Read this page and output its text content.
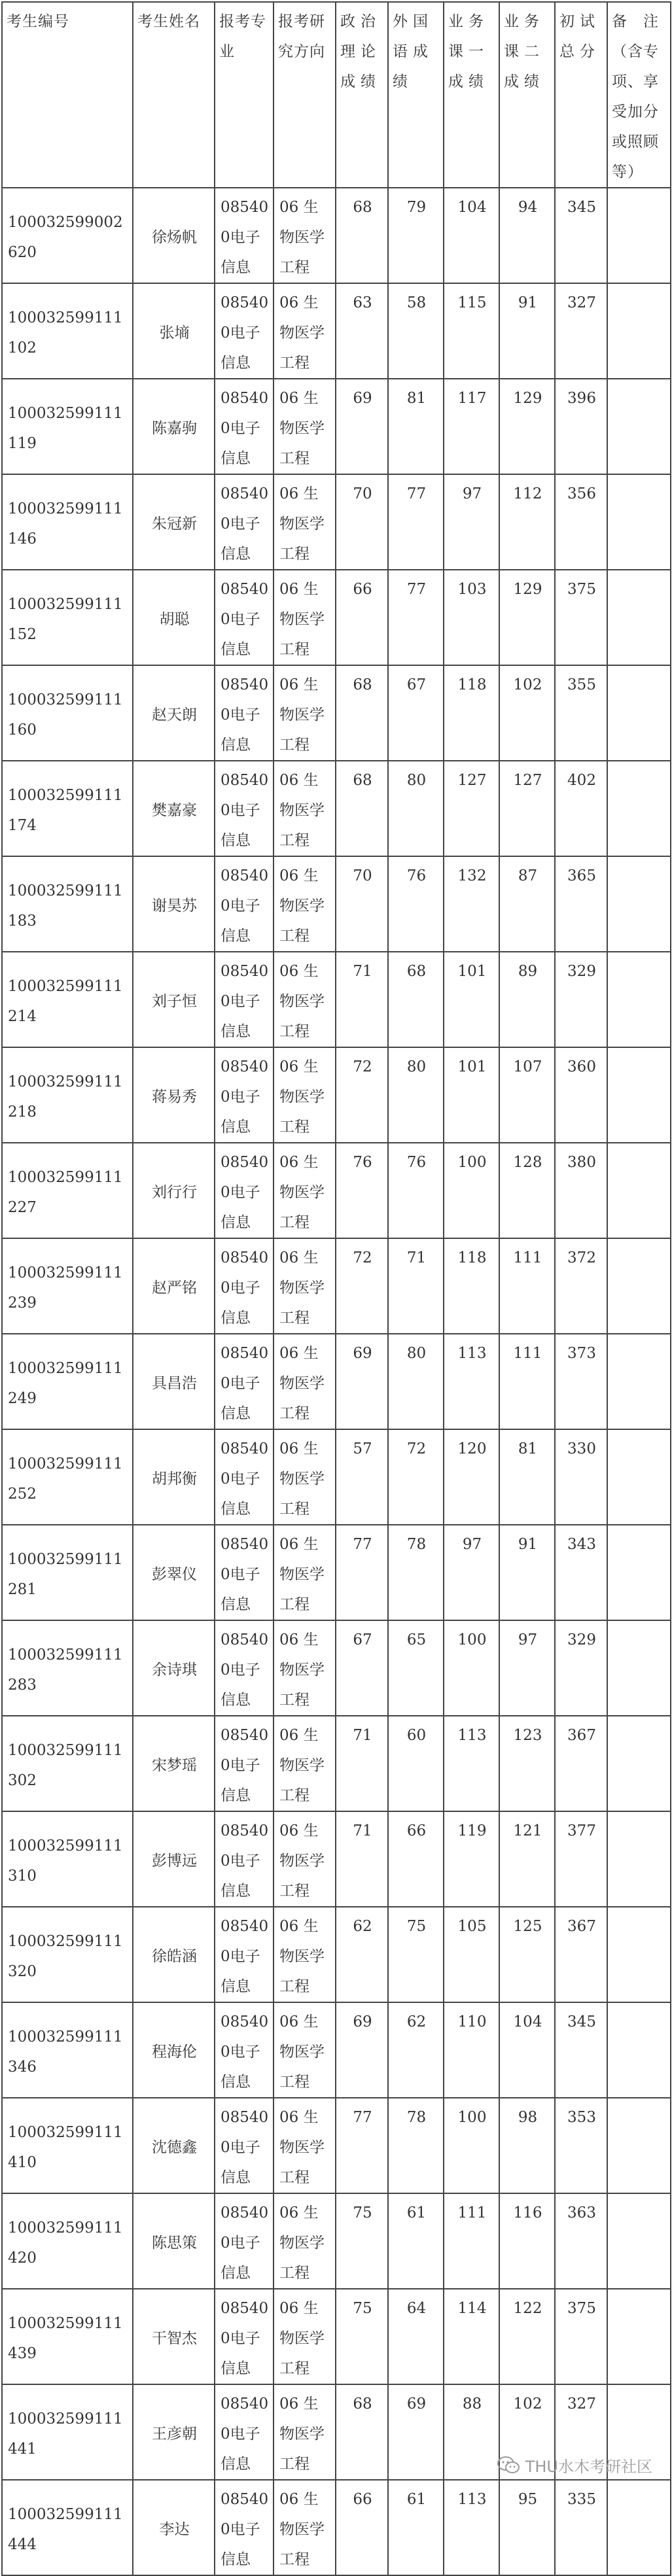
考生编号	考生姓名	报考专业	报考研究方向	政治理论成绩	外国语成绩	业务课一成绩	业务课二成绩	初试总分	备　注（含专项、享受加分或照顾等）
100032599002620	徐炀帆	085400电子信息	06 生物医学工程	68	79	104	94	345	
100032599111102	张墒	085400电子信息	06 生物医学工程	63	58	115	91	327	
100032599111119	陈嘉驹	085400电子信息	06 生物医学工程	69	81	117	129	396	
100032599111146	朱冠新	085400电子信息	06 生物医学工程	70	77	97	112	356	
100032599111152	胡聪	085400电子信息	06 生物医学工程	66	77	103	129	375	
100032599111160	赵天朗	085400电子信息	06 生物医学工程	68	67	118	102	355	
100032599111174	樊嘉豪	085400电子信息	06 生物医学工程	68	80	127	127	402	
100032599111183	谢昊苏	085400电子信息	06 生物医学工程	70	76	132	87	365	
100032599111214	刘子恒	085400电子信息	06 生物医学工程	71	68	101	89	329	
100032599111218	蒋易秀	085400电子信息	06 生物医学工程	72	80	101	107	360	
100032599111227	刘行行	085400电子信息	06 生物医学工程	76	76	100	128	380	
100032599111239	赵严铭	085400电子信息	06 生物医学工程	72	71	118	111	372	
100032599111249	具昌浩	085400电子信息	06 生物医学工程	69	80	113	111	373	
100032599111252	胡邦衡	085400电子信息	06 生物医学工程	57	72	120	81	330	
100032599111281	彭翠仪	085400电子信息	06 生物医学工程	77	78	97	91	343	
100032599111283	余诗琪	085400电子信息	06 生物医学工程	67	65	100	97	329	
100032599111302	宋梦瑶	085400电子信息	06 生物医学工程	71	60	113	123	367	
100032599111310	彭博远	085400电子信息	06 生物医学工程	71	66	119	121	377	
100032599111320	徐皓涵	085400电子信息	06 生物医学工程	62	75	105	125	367	
100032599111346	程海伦	085400电子信息	06 生物医学工程	69	62	110	104	345	
100032599111410	沈德鑫	085400电子信息	06 生物医学工程	77	78	100	98	353	
100032599111420	陈思策	085400电子信息	06 生物医学工程	75	61	111	116	363	
100032599111439	干智杰	085400电子信息	06 生物医学工程	75	64	114	122	375	
100032599111441	王彦朝	085400电子信息	06 生物医学工程	68	69	88	102	327	
100032599111444	李达	085400电子信息	06 生物医学工程	66	61	113	95	335	
THU水木考研社区
